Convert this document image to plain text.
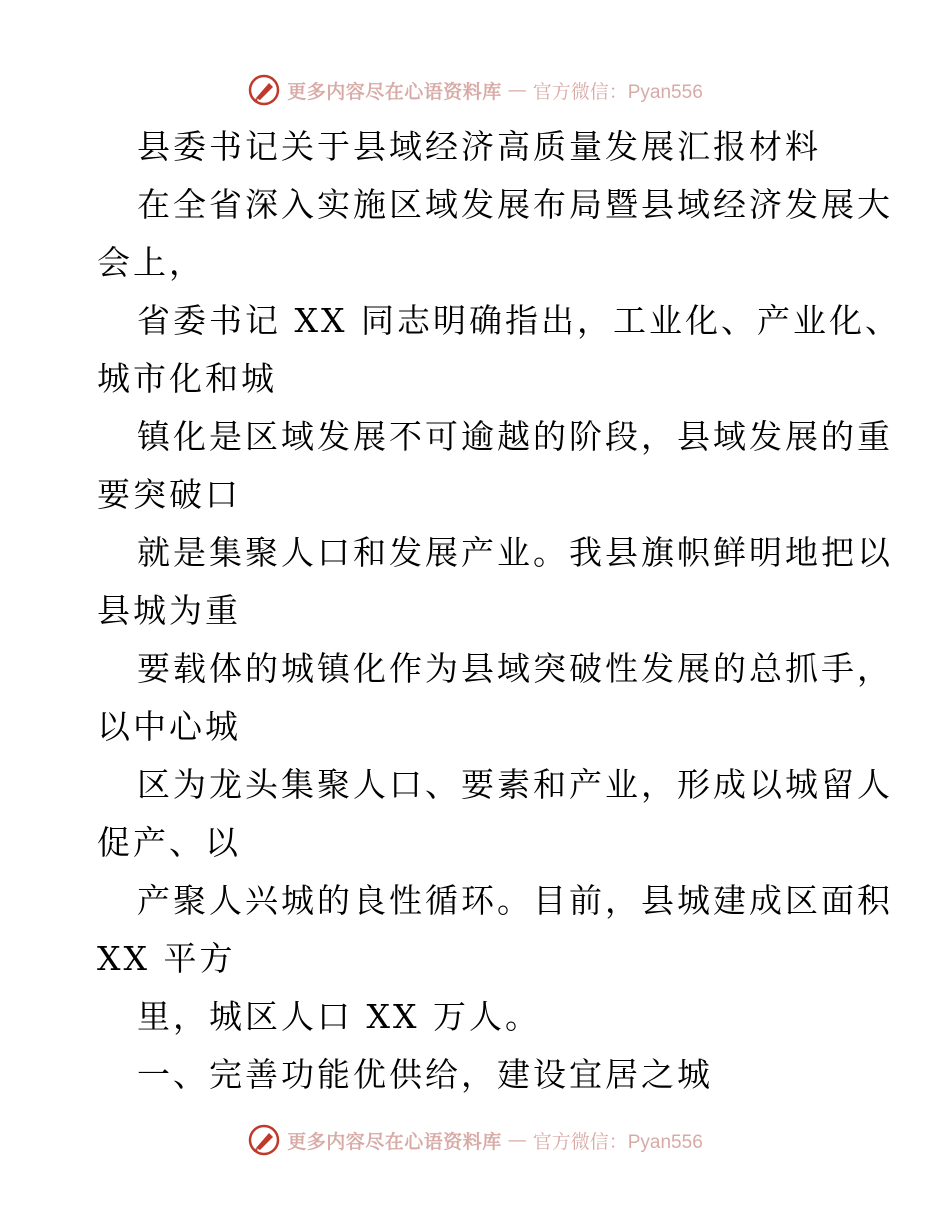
更多内容尽在心语资料库 — 官方微信：Pyan556
县委书记关于县域经济高质量发展汇报材料
在全省深入实施区域发展布局暨县域经济发展大
会上，
省委书记 XX 同志明确指出，工业化、产业化、
城市化和城
镇化是区域发展不可逾越的阶段，县域发展的重
要突破口
就是集聚人口和发展产业。我县旗帜鲜明地把以
县城为重
要载体的城镇化作为县域突破性发展的总抓手，
以中心城
区为龙头集聚人口、要素和产业，形成以城留人
促产、以
产聚人兴城的良性循环。目前，县城建成区面积
XX 平方
里，城区人口 XX 万人。
一、完善功能优供给，建设宜居之城
更多内容尽在心语资料库 — 官方微信：Pyan556
